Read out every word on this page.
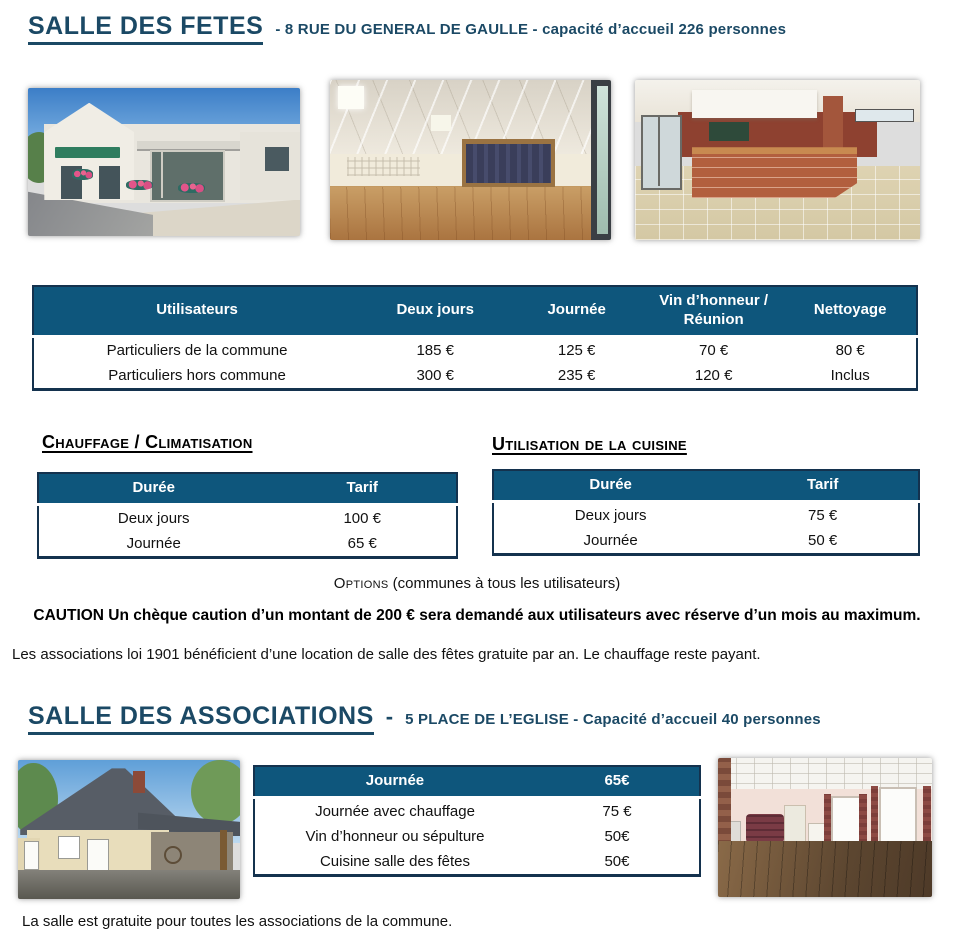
SALLE DES FETES - 8 RUE DU GENERAL DE GAULLE - capacité d’accueil 226 personnes
Utilisateurs	Deux jours	Journée	Vin d’honneur / Réunion	Nettoyage
Particuliers de la commune	185 €	125 €	70 €	80 €
Particuliers hors commune	300 €	235 €	120 €	Inclus
Chauffage / Climatisation
Durée	Tarif
Deux jours	100 €
Journée	65 €
Utilisation de la cuisine
Durée	Tarif
Deux jours	75 €
Journée	50 €
Options (communes à tous les utilisateurs)
CAUTION Un chèque caution d’un montant de 200 € sera demandé aux utilisateurs avec réserve d’un mois au maximum.
Les associations loi 1901 bénéficient d’une location de salle des fêtes gratuite par an. Le chauffage reste payant.
SALLE DES ASSOCIATIONS - 5 PLACE DE L’EGLISE - Capacité d’accueil 40 personnes
Journée	65€
Journée avec chauffage	75 €
Vin d’honneur ou sépulture	50€
Cuisine salle des fêtes	50€
La salle est gratuite pour toutes les associations de la commune.
